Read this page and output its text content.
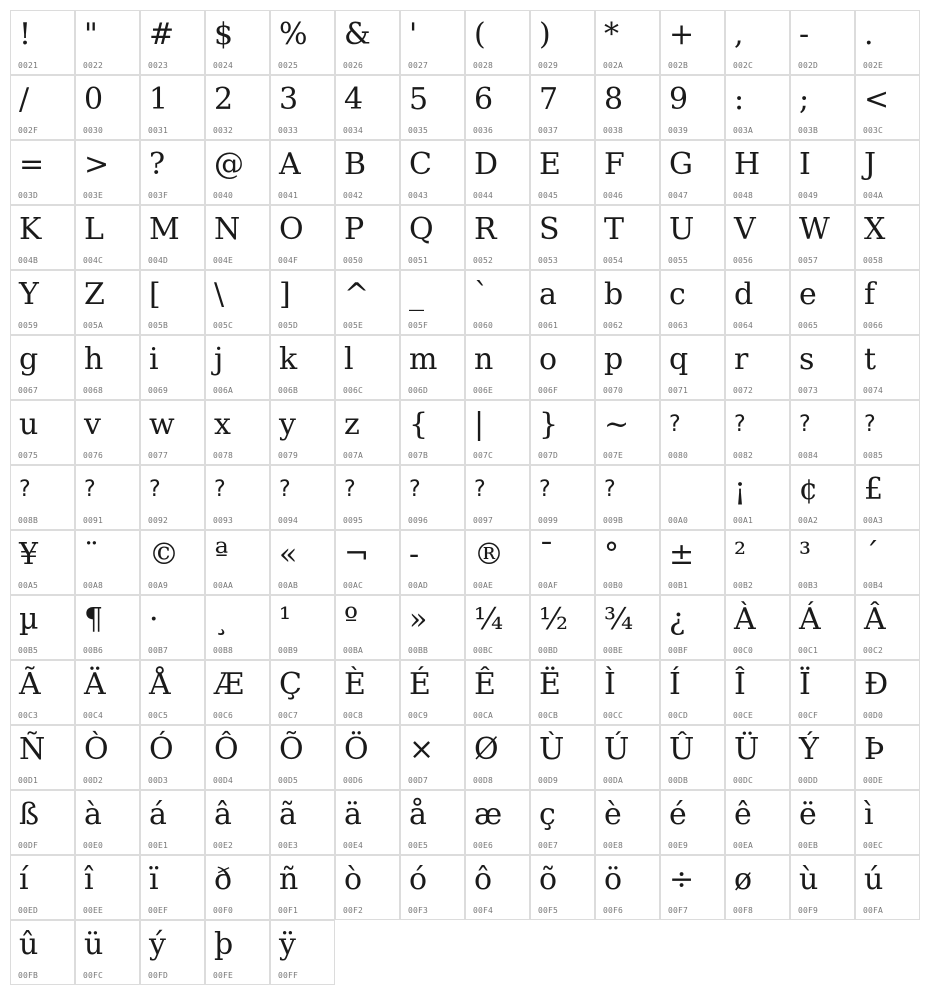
!
0021
"
0022
#
0023
$
0024
%
0025
&
0026
'
0027
(
0028
)
0029
*
002A
+
002B
,
002C
-
002D
.
002E
/
002F
0
0030
1
0031
2
0032
3
0033
4
0034
5
0035
6
0036
7
0037
8
0038
9
0039
:
003A
;
003B
<
003C
=
003D
>
003E
?
003F
@
0040
A
0041
B
0042
C
0043
D
0044
E
0045
F
0046
G
0047
H
0048
I
0049
J
004A
K
004B
L
004C
M
004D
N
004E
O
004F
P
0050
Q
0051
R
0052
S
0053
T
0054
U
0055
V
0056
W
0057
X
0058
Y
0059
Z
005A
[
005B
\
005C
]
005D
^
005E
_
005F
`
0060
a
0061
b
0062
c
0063
d
0064
e
0065
f
0066
g
0067
h
0068
i
0069
j
006A
k
006B
l
006C
m
006D
n
006E
o
006F
p
0070
q
0071
r
0072
s
0073
t
0074
u
0075
v
0076
w
0077
x
0078
y
0079
z
007A
{
007B
|
007C
}
007D
~
007E
?
0080
?
0082
?
0084
?
0085
?
008B
?
0091
?
0092
?
0093
?
0094
?
0095
?
0096
?
0097
?
0099
?
009B	00A0
¡
00A1
¢
00A2
£
00A3
¥
00A5
¨
00A8
©
00A9
ª
00AA
«
00AB
¬
00AC
-
00AD
®
00AE
¯
00AF
°
00B0
±
00B1
²
00B2
³
00B3
´
00B4
µ
00B5
¶
00B6
·
00B7
¸
00B8
¹
00B9
º
00BA
»
00BB
¼
00BC
½
00BD
¾
00BE
¿
00BF
À
00C0
Á
00C1
Â
00C2
Ã
00C3
Ä
00C4
Å
00C5
Æ
00C6
Ç
00C7
È
00C8
É
00C9
Ê
00CA
Ë
00CB
Ì
00CC
Í
00CD
Î
00CE
Ï
00CF
Ð
00D0
Ñ
00D1
Ò
00D2
Ó
00D3
Ô
00D4
Õ
00D5
Ö
00D6
×
00D7
Ø
00D8
Ù
00D9
Ú
00DA
Û
00DB
Ü
00DC
Ý
00DD
Þ
00DE
ß
00DF
à
00E0
á
00E1
â
00E2
ã
00E3
ä
00E4
å
00E5
æ
00E6
ç
00E7
è
00E8
é
00E9
ê
00EA
ë
00EB
ì
00EC
í
00ED
î
00EE
ï
00EF
ð
00F0
ñ
00F1
ò
00F2
ó
00F3
ô
00F4
õ
00F5
ö
00F6
÷
00F7
ø
00F8
ù
00F9
ú
00FA
û
00FB
ü
00FC
ý
00FD
þ
00FE
ÿ
00FF
